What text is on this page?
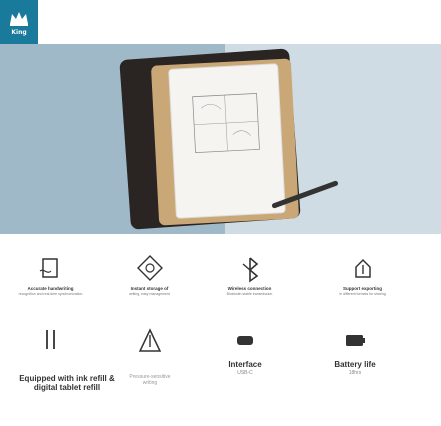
King
Accurate handwriting
recognition and real-time synchronization
Instant storage of
writing, easy management
Wireless connection
Bluetooth stable transmission
Support exporting
in different formats for sharing
Interface
USB-C
Battery life
18hrs
Equipped with ink refill &
digital tablet refill
Pressure-sensitive
writing
